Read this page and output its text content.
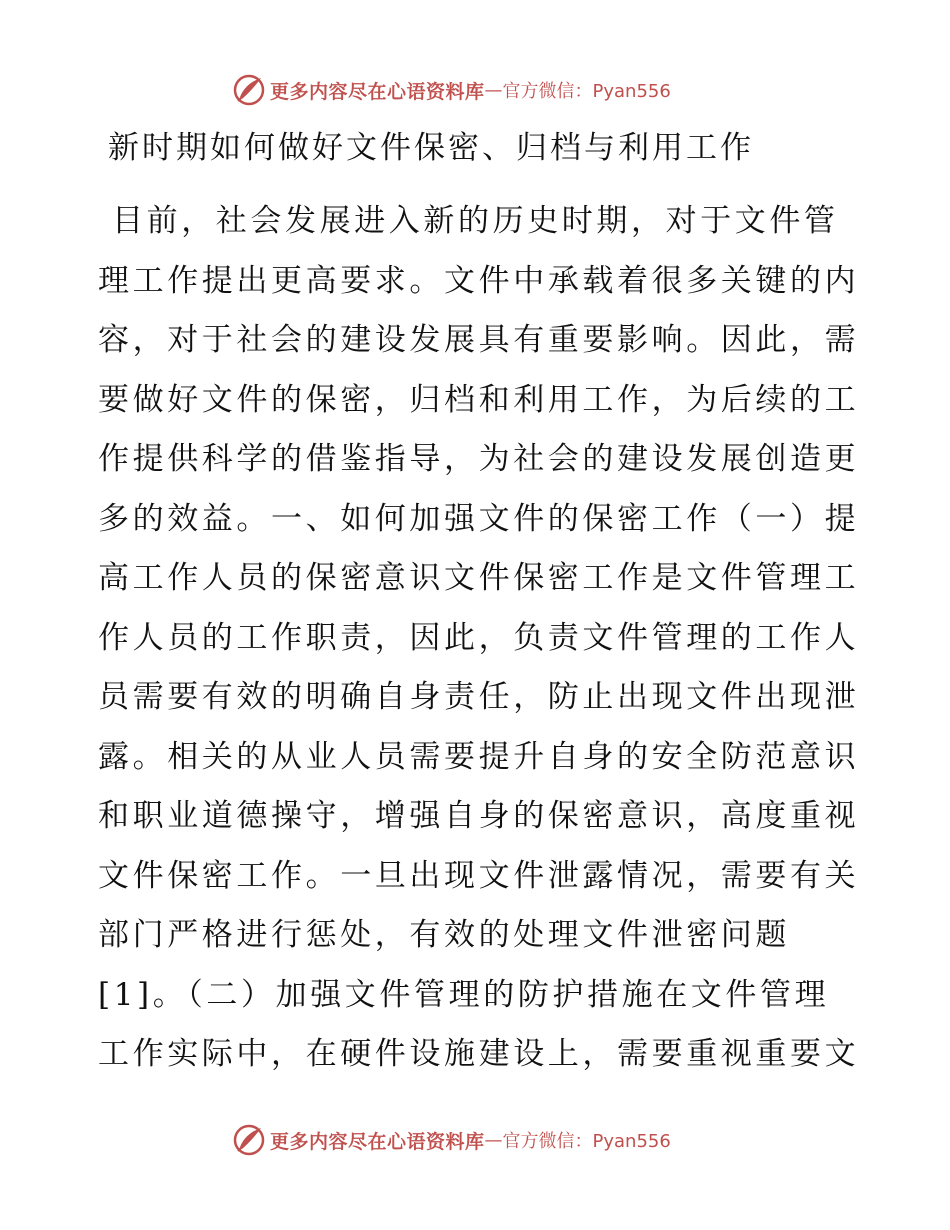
更多内容尽在心语资料库 — 官方微信：Pyan556
新时期如何做好文件保密、归档与利用工作
目前，社会发展进入新的历史时期，对于文件管
理工作提出更高要求。文件中承载着很多关键的内
容，对于社会的建设发展具有重要影响。因此，需
要做好文件的保密，归档和利用工作，为后续的工
作提供科学的借鉴指导，为社会的建设发展创造更
多的效益。一、如何加强文件的保密工作（一）提
高工作人员的保密意识文件保密工作是文件管理工
作人员的工作职责，因此，负责文件管理的工作人
员需要有效的明确自身责任，防止出现文件出现泄
露。相关的从业人员需要提升自身的安全防范意识
和职业道德操守，增强自身的保密意识，高度重视
文件保密工作。一旦出现文件泄露情况，需要有关
部门严格进行惩处，有效的处理文件泄密问题
[1]。（二）加强文件管理的防护措施在文件管理
工作实际中，在硬件设施建设上，需要重视重要文
更多内容尽在心语资料库 — 官方微信：Pyan556
